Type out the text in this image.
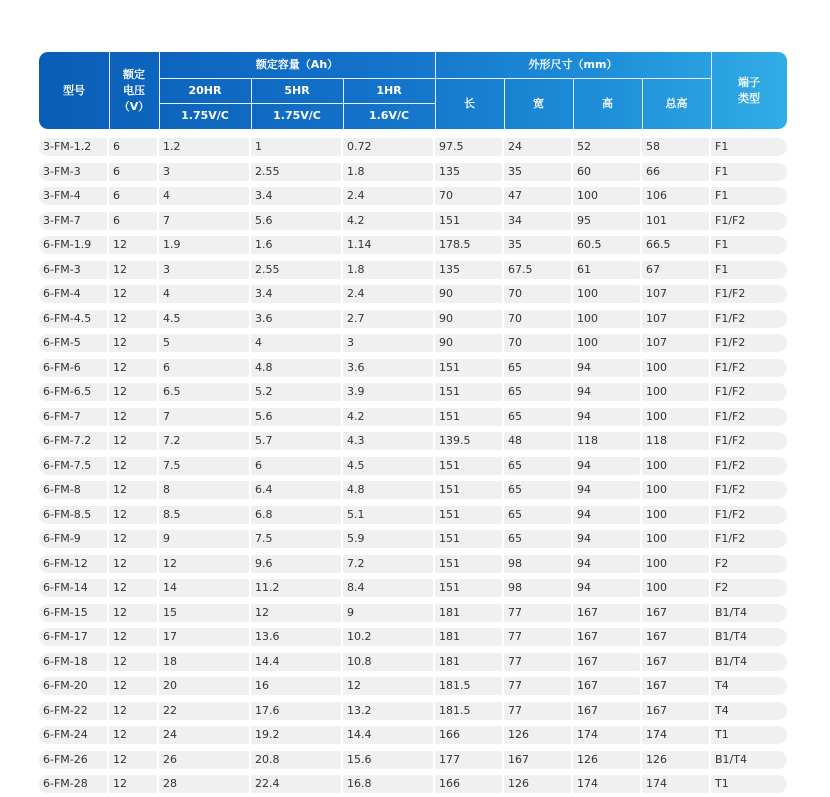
型号
额定
电压
（V）
额定容量（Ah）
20HR	5HR	1HR
1.75V/C	1.75V/C	1.6V/C
外形尺寸（mm）
长	宽	高	总高
端子
类型
3-FM-1.2	6	1.2	1	0.72	97.5	24	52	58	F1
3-FM-3	6	3	2.55	1.8	135	35	60	66	F1
3-FM-4	6	4	3.4	2.4	70	47	100	106	F1
3-FM-7	6	7	5.6	4.2	151	34	95	101	F1/F2
6-FM-1.9	12	1.9	1.6	1.14	178.5	35	60.5	66.5	F1
6-FM-3	12	3	2.55	1.8	135	67.5	61	67	F1
6-FM-4	12	4	3.4	2.4	90	70	100	107	F1/F2
6-FM-4.5	12	4.5	3.6	2.7	90	70	100	107	F1/F2
6-FM-5	12	5	4	3	90	70	100	107	F1/F2
6-FM-6	12	6	4.8	3.6	151	65	94	100	F1/F2
6-FM-6.5	12	6.5	5.2	3.9	151	65	94	100	F1/F2
6-FM-7	12	7	5.6	4.2	151	65	94	100	F1/F2
6-FM-7.2	12	7.2	5.7	4.3	139.5	48	118	118	F1/F2
6-FM-7.5	12	7.5	6	4.5	151	65	94	100	F1/F2
6-FM-8	12	8	6.4	4.8	151	65	94	100	F1/F2
6-FM-8.5	12	8.5	6.8	5.1	151	65	94	100	F1/F2
6-FM-9	12	9	7.5	5.9	151	65	94	100	F1/F2
6-FM-12	12	12	9.6	7.2	151	98	94	100	F2
6-FM-14	12	14	11.2	8.4	151	98	94	100	F2
6-FM-15	12	15	12	9	181	77	167	167	B1/T4
6-FM-17	12	17	13.6	10.2	181	77	167	167	B1/T4
6-FM-18	12	18	14.4	10.8	181	77	167	167	B1/T4
6-FM-20	12	20	16	12	181.5	77	167	167	T4
6-FM-22	12	22	17.6	13.2	181.5	77	167	167	T4
6-FM-24	12	24	19.2	14.4	166	126	174	174	T1
6-FM-26	12	26	20.8	15.6	177	167	126	126	B1/T4
6-FM-28	12	28	22.4	16.8	166	126	174	174	T1
